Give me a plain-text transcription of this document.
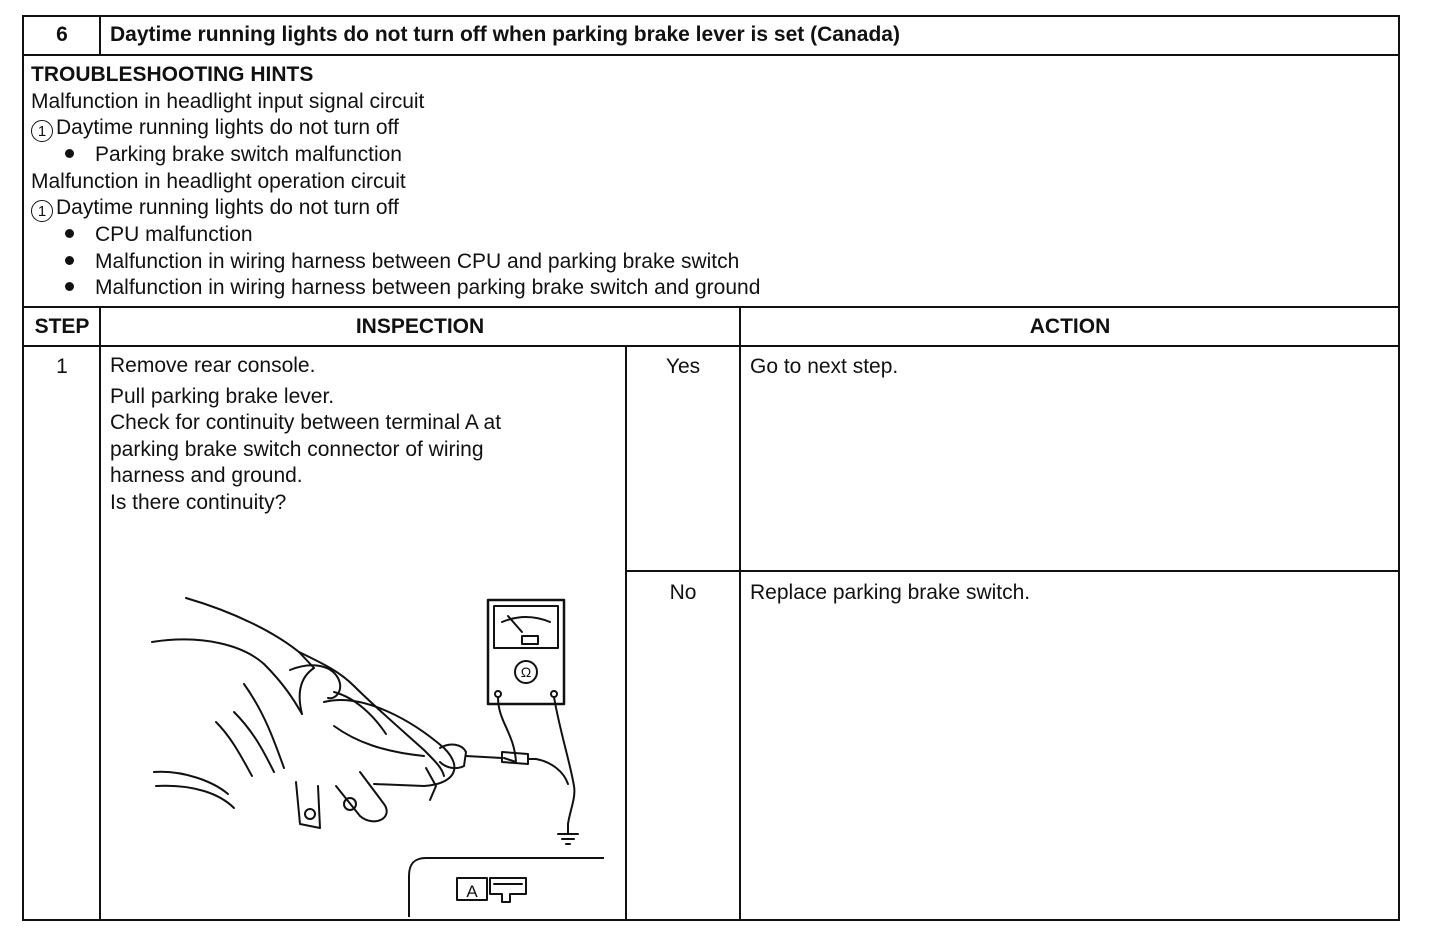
6	Daytime running lights do not turn off when parking brake lever is set (Canada)
TROUBLESHOOTING HINTS
Malfunction in headlight input signal circuit
1 Daytime running lights do not turn off
Parking brake switch malfunction
Malfunction in headlight operation circuit
1 Daytime running lights do not turn off
CPU malfunction
Malfunction in wiring harness between CPU and parking brake switch
Malfunction in wiring harness between parking brake switch and ground
STEP	INSPECTION	ACTION
1	Remove rear console.
Pull parking brake lever.
Check for continuity between terminal A at
parking brake switch connector of wiring
harness and ground.
Is there continuity?
Yes	Go to next step.
No	Replace parking brake switch.
Ω
A
